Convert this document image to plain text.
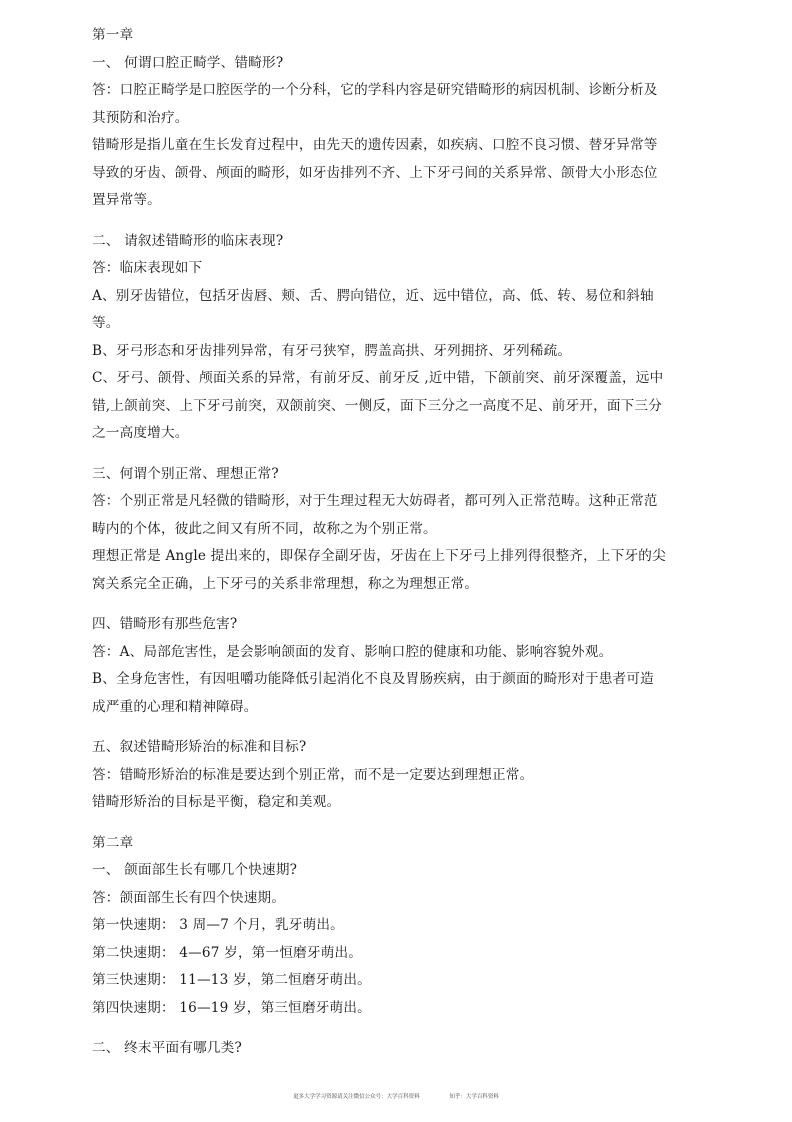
第一章
一、 何谓口腔正畸学、错畸形?
答：口腔正畸学是口腔医学的一个分科，它的学科内容是研究错畸形的病因机制、诊断分析及
其预防和治疗。
错畸形是指儿童在生长发育过程中，由先天的遗传因素，如疾病、口腔不良习惯、替牙异常等
导致的牙齿、颌骨、颅面的畸形，如牙齿排列不齐、上下牙弓间的关系异常、颌骨大小形态位
置异常等。
二、 请叙述错畸形的临床表现?
答：临床表现如下
A、别牙齿错位，包括牙齿唇、颊、舌、腭向错位，近、远中错位，高、低、转、易位和斜轴
等。
B、牙弓形态和牙齿排列异常，有牙弓狭窄，腭盖高拱、牙列拥挤、牙列稀疏。
C、牙弓、颌骨、颅面关系的异常，有前牙反、前牙反 ,近中错，下颌前突、前牙深覆盖，远中
错,上颌前突、上下牙弓前突，双颌前突、一侧反，面下三分之一高度不足、前牙开，面下三分
之一高度增大。
三、何谓个别正常、理想正常?
答：个别正常是凡轻微的错畸形，对于生理过程无大妨碍者，都可列入正常范畴。这种正常范
畴内的个体，彼此之间又有所不同，故称之为个别正常。
理想正常是 Angle 提出来的，即保存全副牙齿，牙齿在上下牙弓上排列得很整齐，上下牙的尖
窝关系完全正确，上下牙弓的关系非常理想，称之为理想正常。
四、错畸形有那些危害?
答：A、局部危害性，是会影响颌面的发育、影响口腔的健康和功能、影响容貌外观。
B、全身危害性，有因咀嚼功能降低引起消化不良及胃肠疾病，由于颜面的畸形对于患者可造
成严重的心理和精神障碍。
五、叙述错畸形矫治的标准和目标?
答：错畸形矫治的标准是要达到个别正常，而不是一定要达到理想正常。
错畸形矫治的目标是平衡，稳定和美观。
第二章
一、 颌面部生长有哪几个快速期?
答：颌面部生长有四个快速期。
第一快速期： 3 周—7 个月，乳牙萌出。
第二快速期： 4—67 岁，第一恒磨牙萌出。
第三快速期： 11—13 岁，第二恒磨牙萌出。
第四快速期： 16—19 岁，第三恒磨牙萌出。
二、 终末平面有哪几类?
更多大学学习资源请关注微信公众号：大学百科资料	知乎：大学百科资料
